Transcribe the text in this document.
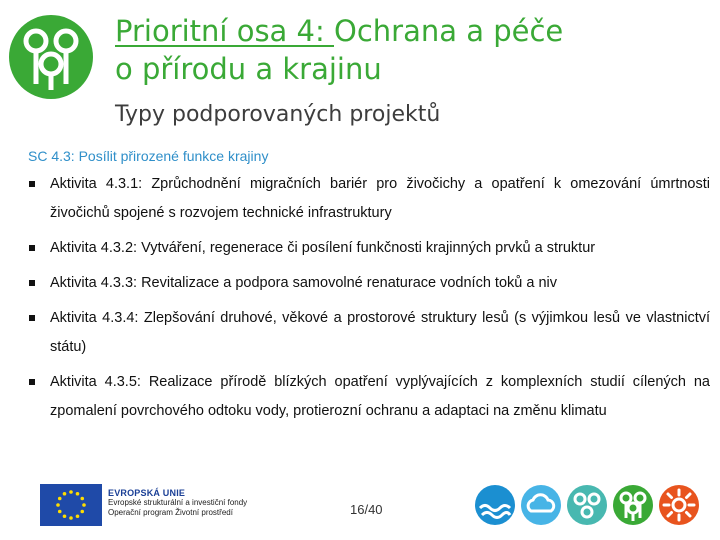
Prioritní osa 4: Ochrana a péče
o přírodu a krajinu
Typy podporovaných projektů
SC 4.3: Posílit přirozené funkce krajiny
Aktivita 4.3.1: Zprůchodnění migračních bariér pro živočichy a opatření k omezování úmrtnosti živočichů spojené s rozvojem technické infrastruktury
Aktivita 4.3.2: Vytváření, regenerace či posílení funkčnosti krajinných prvků a struktur
Aktivita 4.3.3: Revitalizace a podpora samovolné renaturace vodních toků a niv
Aktivita 4.3.4: Zlepšování druhové, věkové a prostorové struktury lesů (s výjimkou lesů ve vlastnictví státu)
Aktivita 4.3.5: Realizace přírodě blízkých opatření vyplývajících z komplexních studií cílených na zpomalení povrchového odtoku vody, protierozní ochranu a adaptaci na změnu klimatu
EVROPSKÁ UNIE
Evropské strukturální a investiční fondy
Operační program Životní prostředí	16/40
